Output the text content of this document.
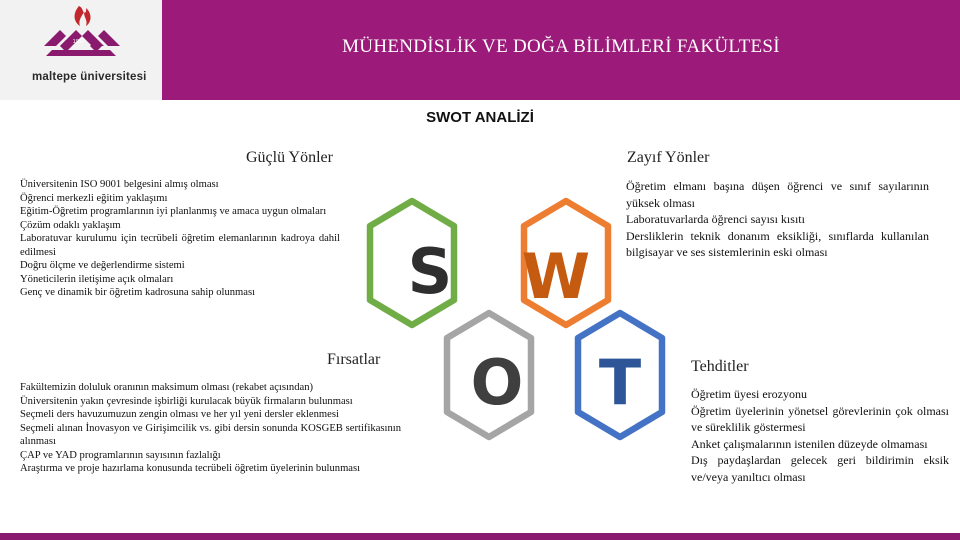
1997
maltepe üniversitesi
MÜHENDİSLİK VE DOĞA BİLİMLERİ FAKÜLTESİ
SWOT ANALİZİ
Güçlü Yönler
Üniversitenin ISO 9001 belgesini almış olması
Öğrenci merkezli eğitim yaklaşımı
Eğitim-Öğretim programlarının iyi planlanmış ve amaca uygun olmaları
Çözüm odaklı yaklaşım
Laboratuvar kurulumu için tecrübeli öğretim elemanlarının kadroya dahil edilmesi
Doğru ölçme ve değerlendirme sistemi
Yöneticilerin iletişime açık olmaları
Genç ve dinamik bir öğretim kadrosuna sahip olunması
Zayıf Yönler
Öğretim elmanı başına düşen öğrenci ve sınıf sayılarının yüksek olması
Laboratuvarlarda öğrenci sayısı kısıtı
Dersliklerin teknik donanım eksikliği, sınıflarda kullanılan bilgisayar ve ses sistemlerinin eski olması
Fırsatlar
Fakültemizin doluluk oranının maksimum olması (rekabet açısından)
Üniversitenin yakın çevresinde işbirliği kurulacak büyük firmaların bulunması
Seçmeli ders havuzumuzun zengin olması ve her yıl yeni dersler eklenmesi
Seçmeli alınan İnovasyon ve Girişimcilik vs. gibi dersin sonunda KOSGEB sertifikasının alınması
ÇAP ve YAD programlarının sayısının fazlalığı
Araştırma ve proje hazırlama konusunda tecrübeli öğretim üyelerinin bulunması
Tehditler
Öğretim üyesi erozyonu
Öğretim üyelerinin yönetsel görevlerinin çok olması ve süreklilik göstermesi
Anket çalışmalarının istenilen düzeyde olmaması
Dış paydaşlardan gelecek geri bildirimin eksik ve/veya yanıltıcı olması
S W
O T
